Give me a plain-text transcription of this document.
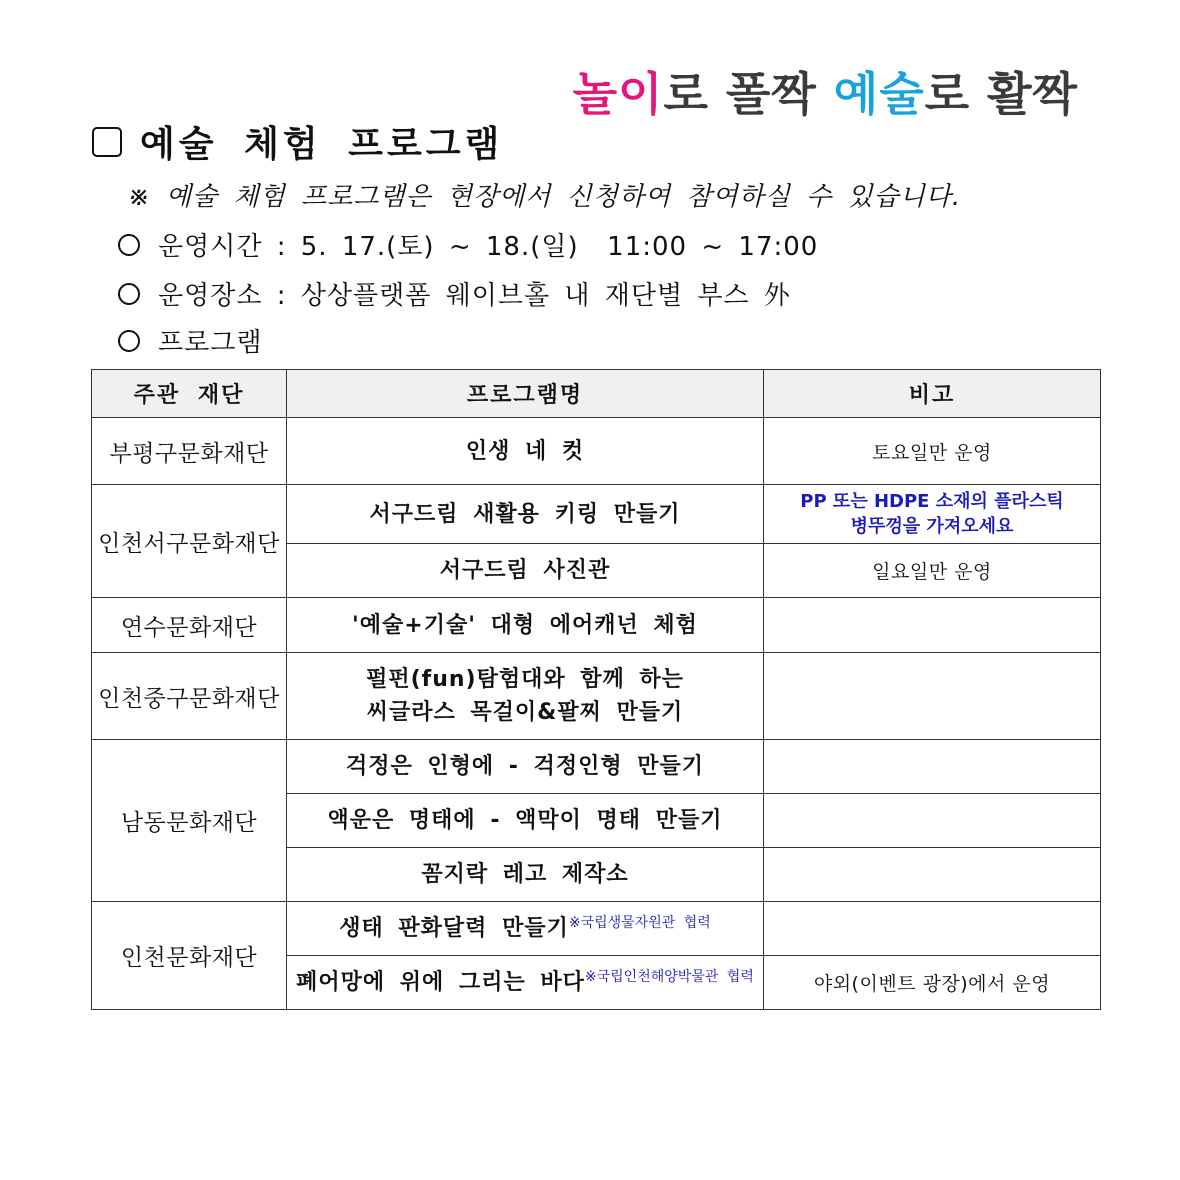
놀이로 폴짝 예술로 활짝
예술 체험 프로그램
※ 예술 체험 프로그램은 현장에서 신청하여 참여하실 수 있습니다.
운영시간 : 5. 17.(토) ~ 18.(일)  11:00 ~ 17:00
운영장소 : 상상플랫폼 웨이브홀 내 재단별 부스 外
프로그램
주관 재단	프로그램명	비고
부평구문화재단	인생 네 컷	토요일만 운영
인천서구문화재단	서구드림 새활용 키링 만들기	PP 또는 HDPE 소재의 플라스틱
병뚜껑을 가져오세요
	서구드림 사진관	일요일만 운영
연수문화재단	'예술+기술' 대형 에어캐넌 체험	
인천중구문화재단	펄펀(fun)탐험대와 함께 하는
씨글라스 목걸이&팔찌 만들기	
남동문화재단	걱정은 인형에 - 걱정인형 만들기	
	액운은 명태에 - 액막이 명태 만들기	
	꼼지락 레고 제작소	
인천문화재단	생태 판화달력 만들기$^{※국립생물자원관 협력}$	
	폐어망에 위에 그리는 바다$^{※국립인천해양박물관 협력}$	야외(이벤트 광장)에서 운영
